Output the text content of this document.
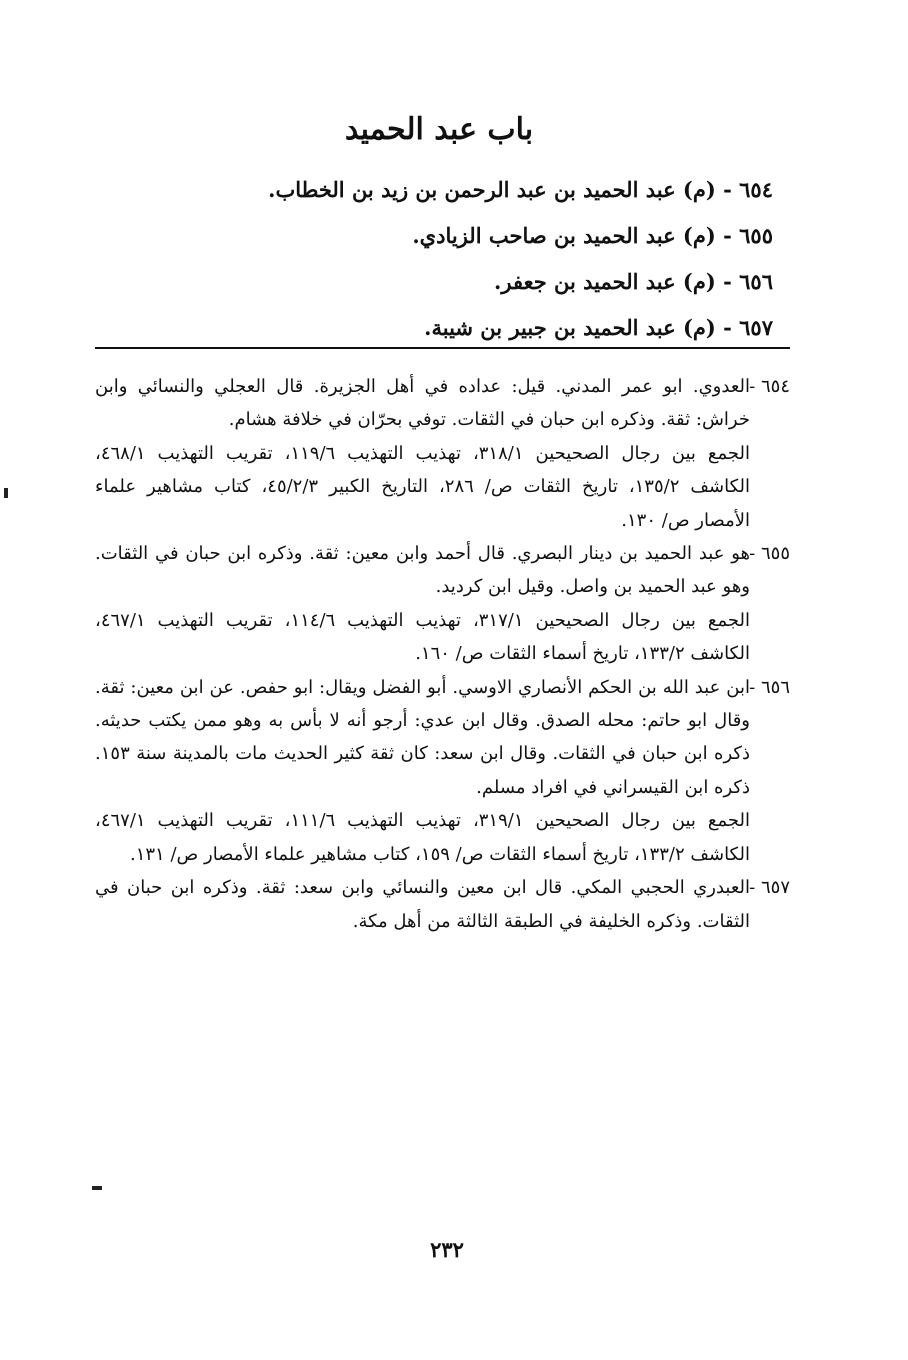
باب عبد الحميد
٦٥٤ - (م) عبد الحميد بن عبد الرحمن بن زيد بن الخطاب.
٦٥٥ - (م) عبد الحميد بن صاحب الزيادي.
٦٥٦ - (م) عبد الحميد بن جعفر.
٦٥٧ - (م) عبد الحميد بن جبير بن شيبة.

٦٥٤ -
العدوي. ابو عمر المدني. قيل: عداده في أهل الجزيرة. قال العجلي والنسائي وابن خراش: ثقة. وذكره ابن حبان في الثقات. توفي بحرّان في خلافة هشام.

الجمع بين رجال الصحيحين ٣١٨/١، تهذيب التهذيب ١١٩/٦، تقريب التهذيب ٤٦٨/١، الكاشف ١٣٥/٢، تاريخ الثقات ص/ ٢٨٦، التاريخ الكبير ٤٥/٢/٣، كتاب مشاهير علماء الأمصار ص/ ١٣٠.

٦٥٥ -
هو عبد الحميد بن دينار البصري. قال أحمد وابن معين: ثقة. وذكره ابن حبان في الثقات. وهو عبد الحميد بن واصل. وقيل ابن كرديد.

الجمع بين رجال الصحيحين ٣١٧/١، تهذيب التهذيب ١١٤/٦، تقريب التهذيب ٤٦٧/١، الكاشف ١٣٣/٢، تاريخ أسماء الثقات ص/ ١٦٠.

٦٥٦ -
ابن عبد الله بن الحكم الأنصاري الاوسي. أبو الفضل ويقال: ابو حفص. عن ابن معين: ثقة. وقال ابو حاتم: محله الصدق. وقال ابن عدي: أرجو أنه لا بأس به وهو ممن يكتب حديثه. ذكره ابن حبان في الثقات. وقال ابن سعد: كان ثقة كثير الحديث مات بالمدينة سنة ١٥٣. ذكره ابن القيسراني في افراد مسلم.

الجمع بين رجال الصحيحين ٣١٩/١، تهذيب التهذيب ١١١/٦، تقريب التهذيب ٤٦٧/١، الكاشف ١٣٣/٢، تاريخ أسماء الثقات ص/ ١٥٩، كتاب مشاهير علماء الأمصار ص/ ١٣١.

٦٥٧ -
العبدري الحجبي المكي. قال ابن معين والنسائي وابن سعد: ثقة. وذكره ابن حبان في الثقات. وذكره الخليفة في الطبقة الثالثة من أهل مكة.

٢٣٢
